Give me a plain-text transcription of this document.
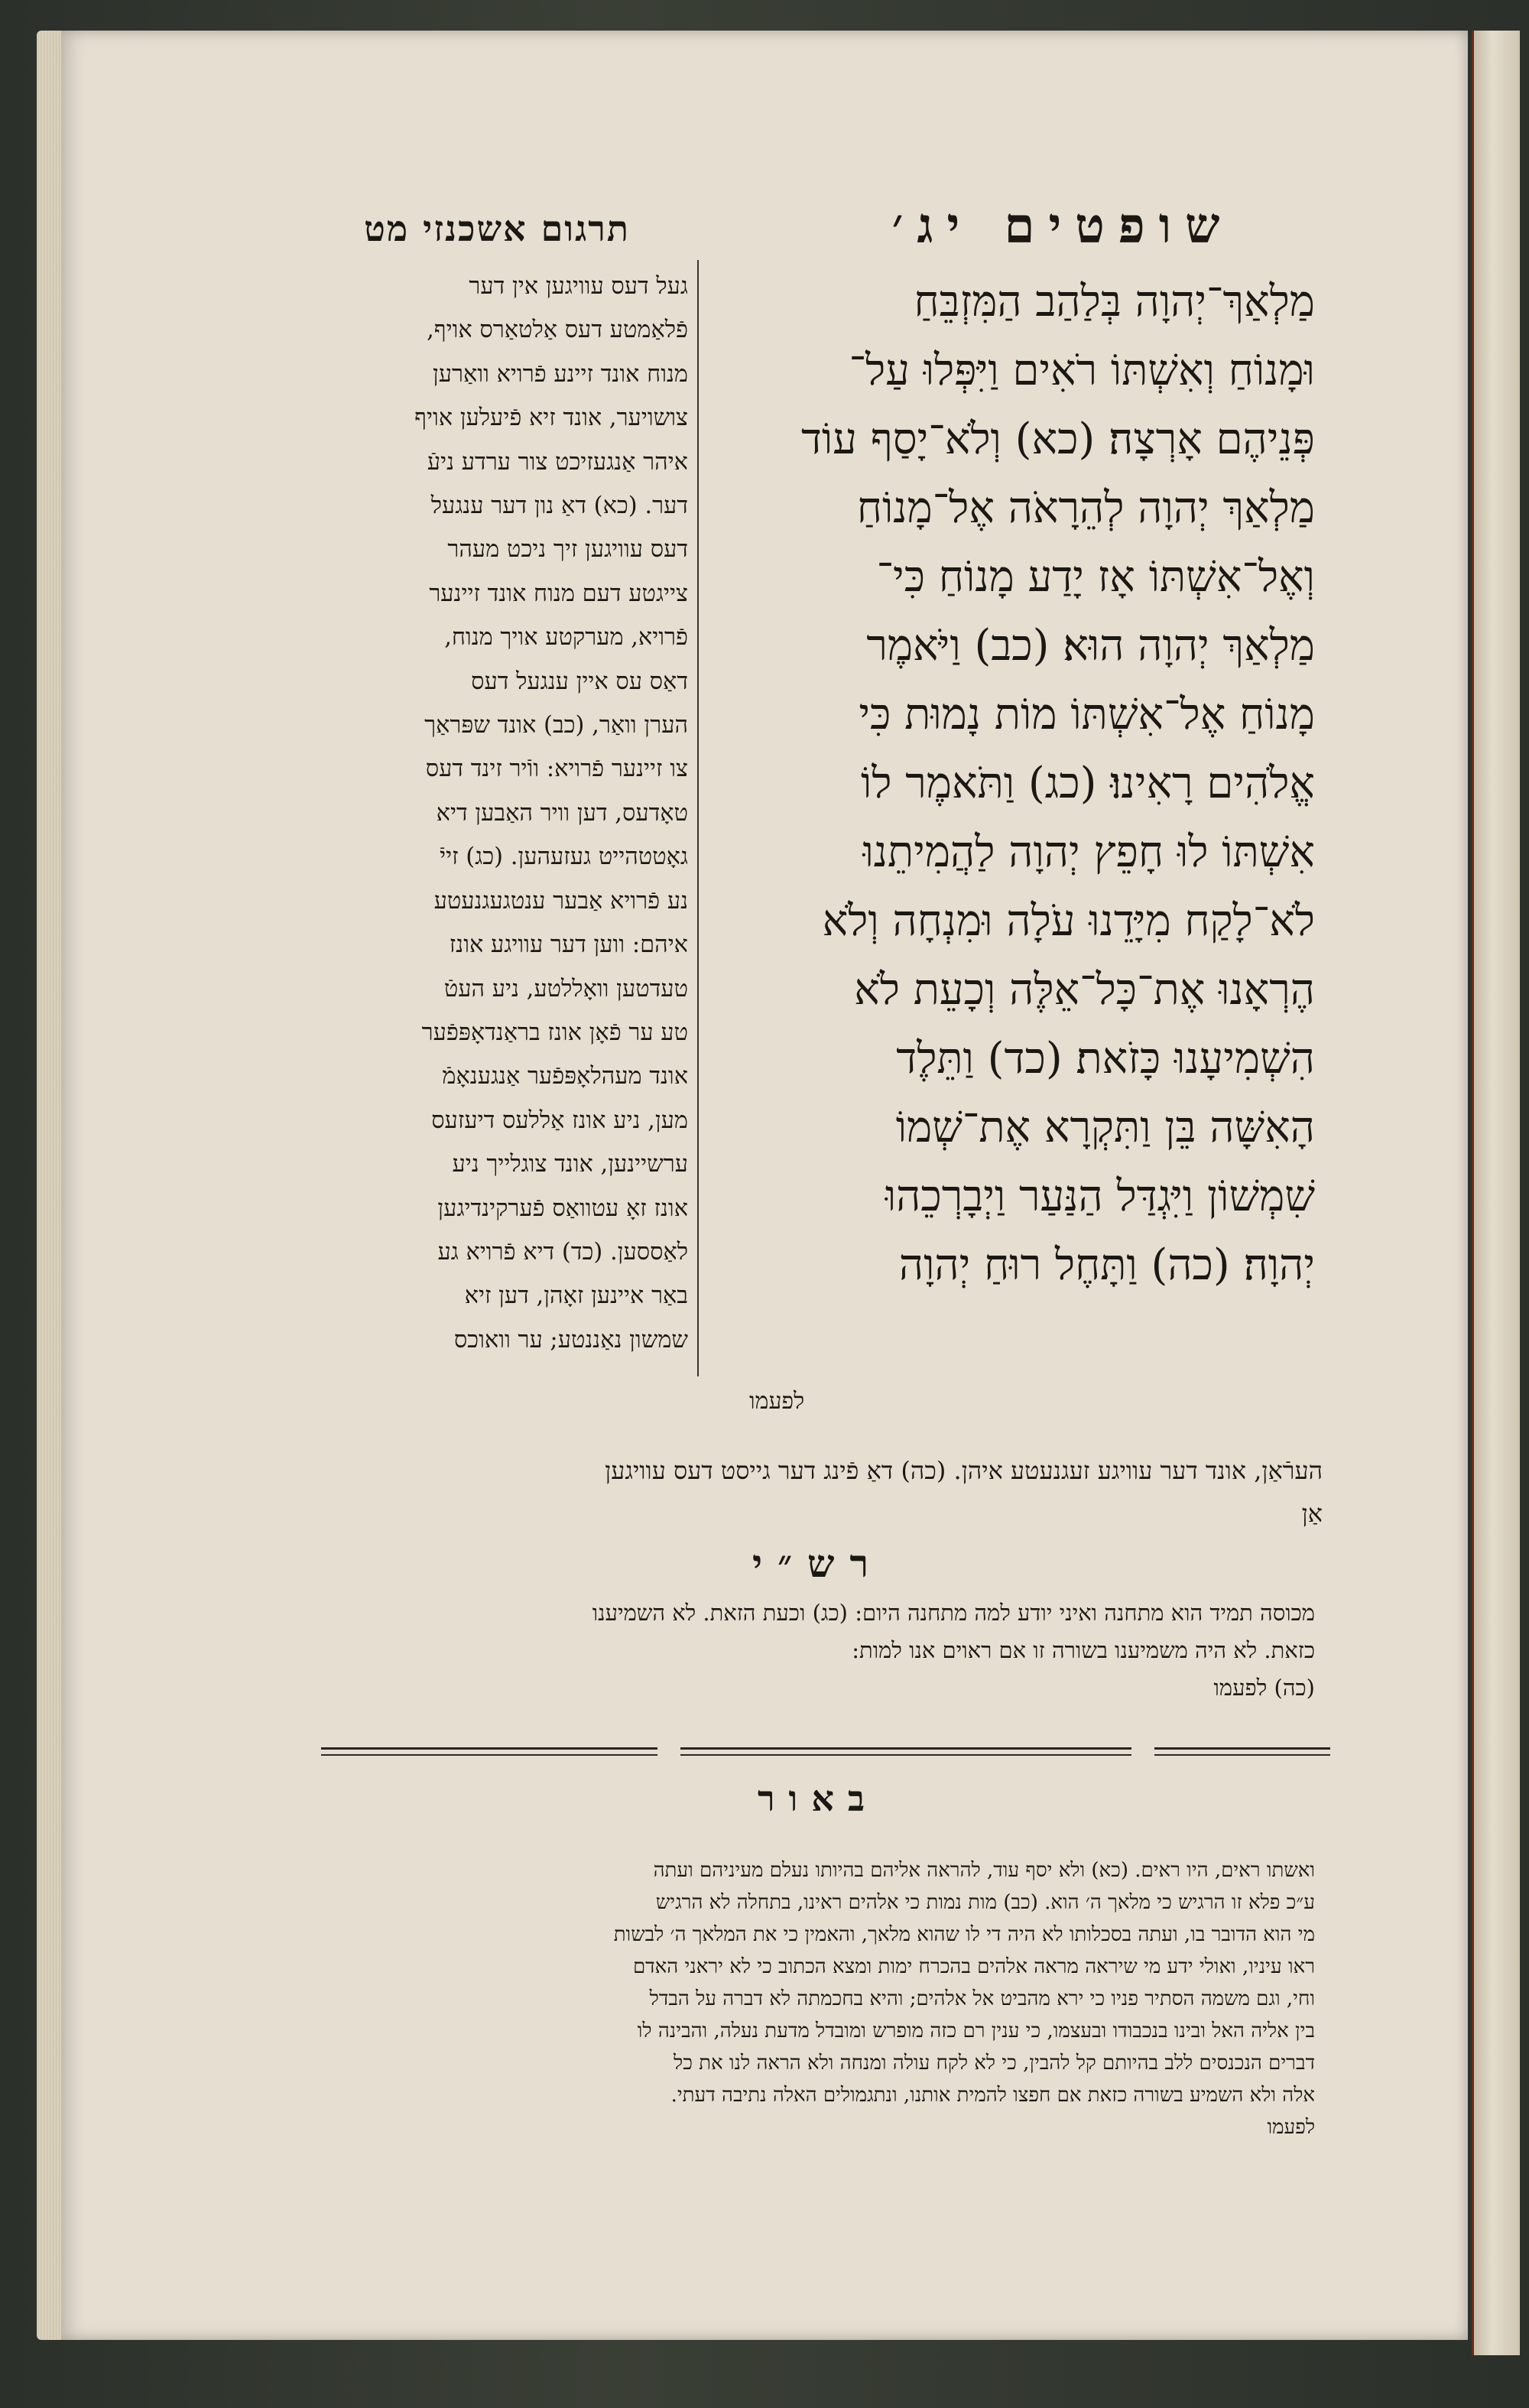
תרגום אשכנזי מט	שופטים יג׳
מַלְאַךְ־יְהוָה בְּלַהַב הַמִּזְבֵּחַ
וּמָנוֹחַ וְאִשְׁתּוֹ רֹאִים וַיִּפְּלוּ עַל־
פְּנֵיהֶם אָרְצָה׃ (כא) וְלֹא־יָסַף עוֹד
מַלְאַךְ יְהוָה לְהֵרָאֹה אֶל־מָנוֹחַ
וְאֶל־אִשְׁתּוֹ אָז יָדַע מָנוֹחַ כִּי־
מַלְאַךְ יְהוָה הוּא׃ (כב) וַיֹּאמֶר
מָנוֹחַ אֶל־אִשְׁתּוֹ מוֹת נָמוּת כִּי
אֱלֹהִים רָאִינוּ׃ (כג) וַתֹּאמֶר לוֹ
אִשְׁתּוֹ לוּ חָפֵץ יְהוָה לַהֲמִיתֵנוּ
לֹא־לָקַח מִיָּדֵנוּ עֹלָה וּמִנְחָה וְלֹא
הֶרְאָנוּ אֶת־כָּל־אֵלֶּה וְכָעֵת לֹא
הִשְׁמִיעָנוּ כָּזֹאת׃ (כד) וַתֵּלֶד
הָאִשָּׁה בֵּן וַתִּקְרָא אֶת־שְׁמוֹ
שִׁמְשׁוֹן וַיִּגְדַּל הַנַּעַר וַיְבָרְכֵהוּ
יְהוָה׃ (כה) וַתָּחֶל רוּחַ יְהוָה
לפעמו
געל דעס עוויגען אין דער
פֿלאַמטע דעס אַלטאַרס אויף,
מנוח אונד זיינע פֿרויא וואַרען
צושויער, אונד זיא פֿיעלען אויף
איהר אַנגעזיכט צור ערדע ניעֿ
דער. (כא) דאַ נון דער ענגעל
דעס עוויגען זיך ניכט מעהר
צייגטע דעם מנוח אונד זיינער
פֿרויא, מערקטע אויך מנוח,
דאַס עס איין ענגעל דעס
הערן וואַר, (כב) אונד שפּראַך
צו זיינער פֿרויא: ווֿיר זינד דעס
טאָדעס, דען וויר האַבען דיא
גאָטטהייט געזעהען. (כג) זייֿ
נע פֿרויא אַבער ענטגעגנעטע
איהם: ווען דער עוויגע אונז
טעדטען וואָללטע, ניע העטֿ
טע ער פֿאָן אונז בראַנדאָפּפֿער
אונד מעהלאָפּפֿער אַנגענאָמֿ
מען, ניע אונז אַללעס דיעזעס
ערשיינען, אונד צוגלייך ניע
אונז זאָ עטוואַס פֿערקינדיגען
לאַססען. (כד) דיא פֿרויא גע
באַר איינען זאָהן, דען זיא
שמשון נאַננטע; ער וואוכס
הערֿאַן, אונד דער עוויגע זעגנעטע איהן. (כה) דאַ פֿינג דער גייסט דעס עוויגען
אַן
רש״י
מכוסה תמיד הוא מתחנה ואיני יודע למה מתחנה היום: (כג) וכעת הזאת. לא השמיענו
כזאת. לא היה משמיענו בשורה זו אם ראוים אנו למות:
(כה) לפעמו
באור
ואשתו ראים, היו ראים. (כא) ולא יסף עוד, להראה אליהם בהיותו נעלם מעיניהם ועתה
ע״כ פלא זו הרגיש כי מלאך ה׳ הוא. (כב) מות נמות כי אלהים ראינו, בתחלה לא הרגיש
מי הוא הדובר בו, ועתה בסכלותו לא היה די לו שהוא מלאך, והאמין כי את המלאך ה׳ לבשות
ראו עיניו, ואולי ידע מי שיראה מראה אלהים בהכרח ימות ומצא הכתוב כי לא יראני האדם
וחי, וגם משמה הסתיר פניו כי ירא מהביט אל אלהים; והיא בחכמתה לא דברה על הבדל
בין אליה האל ובינו בנכבודו ובעצמו, כי ענין רם כזה מופרש ומובדל מדעת נעלה, והבינה לו
דברים הנכנסים ללב בהיותם קל להבין, כי לא לקח עולה ומנחה ולא הראה לנו את כל
אלה ולא השמיע בשורה כזאת אם חפצו להמית אותנו, ונתגמולים האלה נתיבה דעתי.
לפעמו
